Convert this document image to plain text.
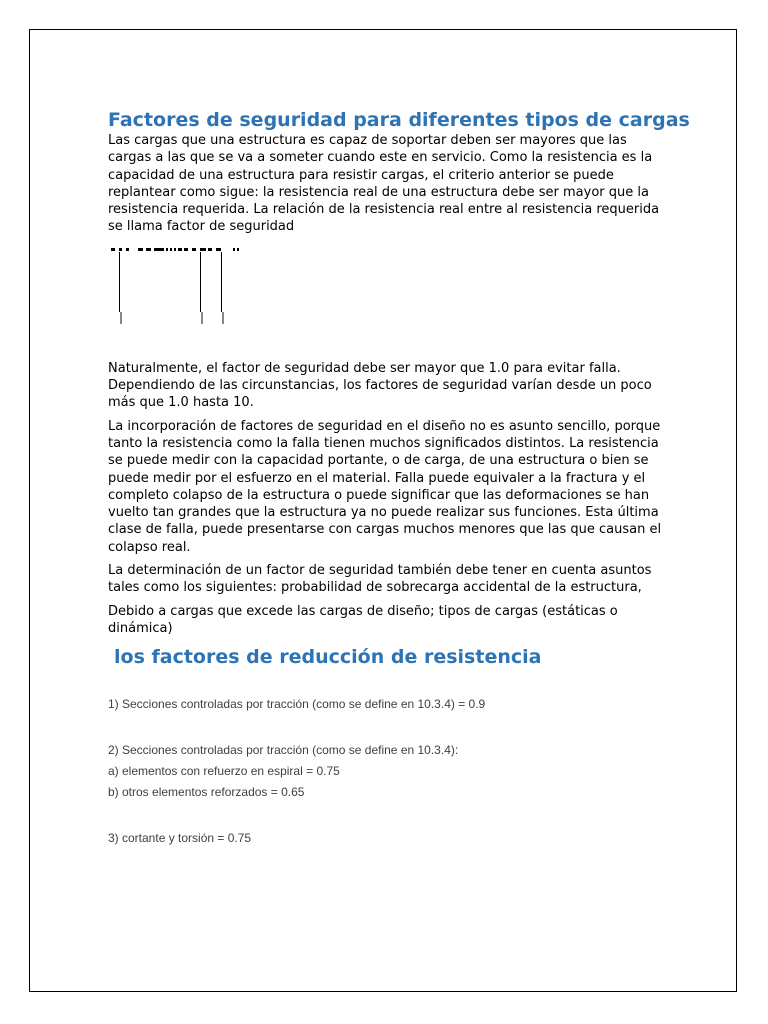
Factores de seguridad para diferentes tipos de cargas

Las cargas que una estructura es capaz de soportar deben ser mayores que las cargas a las que se va a someter cuando este en servicio. Como la resistencia es la capacidad de una estructura para resistir cargas, el criterio anterior se puede replantear como sigue: la resistencia real de una estructura debe ser mayor que la resistencia requerida. La relación de la resistencia real entre al resistencia requerida se llama factor de seguridad

Naturalmente, el factor de seguridad debe ser mayor que 1.0 para evitar falla. Dependiendo de las circunstancias, los factores de seguridad varían desde un poco más que 1.0 hasta 10.

La incorporación de factores de seguridad en el diseño no es asunto sencillo, porque tanto la resistencia como la falla tienen muchos significados distintos. La resistencia se puede medir con la capacidad portante, o de carga, de una estructura o bien se puede medir por el esfuerzo en el material. Falla puede equivaler a la fractura y el completo colapso de la estructura o puede significar que las deformaciones se han vuelto tan grandes que la estructura ya no puede realizar sus funciones. Esta última clase de falla, puede presentarse con cargas muchos menores que las que causan el colapso real.

La determinación de un factor de seguridad también debe tener en cuenta asuntos tales como los siguientes: probabilidad de sobrecarga accidental de la estructura,

Debido a cargas que excede las cargas de diseño; tipos de cargas (estáticas o dinámica)

los factores de reducción de resistencia

1) Secciones controladas por tracción (como se define en 10.3.4) = 0.9

2) Secciones controladas por tracción (como se define en 10.3.4):

a) elementos con refuerzo en espiral = 0.75

b) otros elementos reforzados = 0.65

3) cortante y torsión = 0.75
